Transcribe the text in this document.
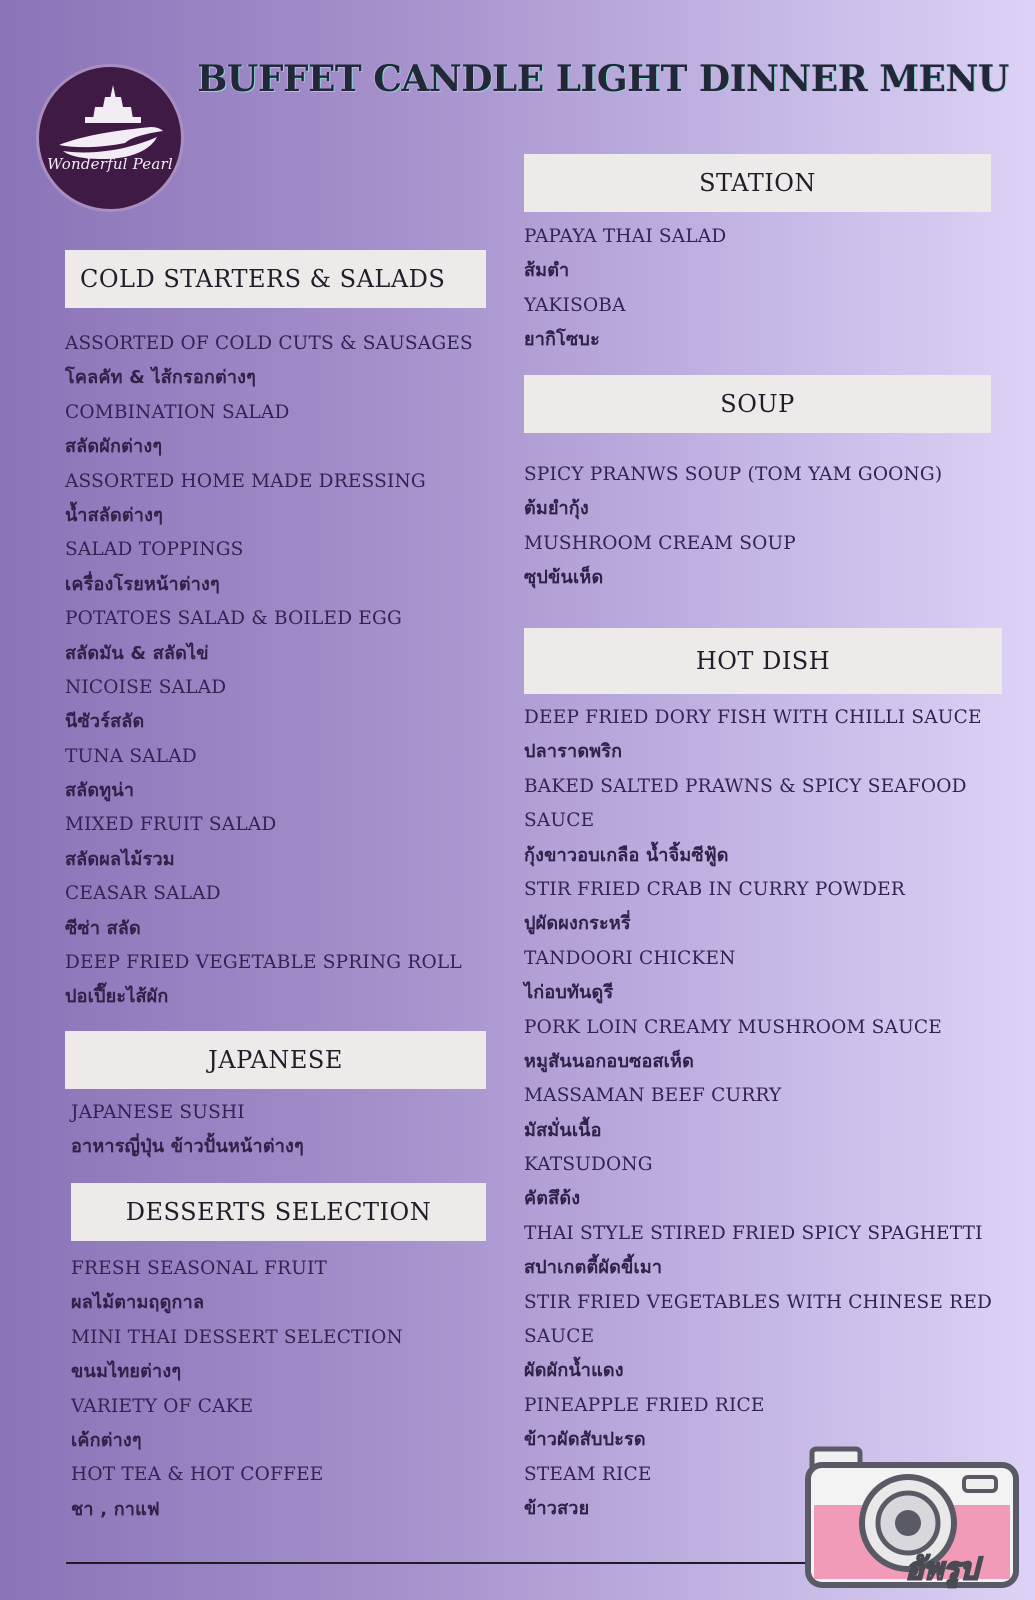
Wonderful Pearl
BUFFET CANDLE LIGHT DINNER MENU
COLD STARTERS & SALADS
ASSORTED OF COLD CUTS & SAUSAGES
โคลคัท & ไส้กรอกต่างๆ
COMBINATION SALAD
สลัดผักต่างๆ
ASSORTED HOME MADE DRESSING
น้ำสลัดต่างๆ
SALAD TOPPINGS
เครื่องโรยหน้าต่างๆ
POTATOES SALAD & BOILED EGG
สลัดมัน & สลัดไข่
NICOISE SALAD
นีซัวร์สลัด
TUNA SALAD
สลัดทูน่า
MIXED FRUIT SALAD
สลัดผลไม้รวม
CEASAR SALAD
ซีซ่า สลัด
DEEP FRIED VEGETABLE SPRING ROLL
ปอเปี๊ยะไส้ผัก
JAPANESE
JAPANESE SUSHI
อาหารญี่ปุ่น ข้าวปั้นหน้าต่างๆ
DESSERTS SELECTION
FRESH SEASONAL FRUIT
ผลไม้ตามฤดูกาล
MINI THAI DESSERT SELECTION
ขนมไทยต่างๆ
VARIETY OF CAKE
เค้กต่างๆ
HOT TEA & HOT COFFEE
ชา , กาแฟ
STATION
PAPAYA THAI SALAD
ส้มตำ
YAKISOBA
ยากิโซบะ
SOUP
SPICY PRANWS SOUP (TOM YAM GOONG)
ต้มยำกุ้ง
MUSHROOM CREAM SOUP
ซุปข้นเห็ด
HOT DISH
DEEP FRIED DORY FISH WITH CHILLI SAUCE
ปลาราดพริก
BAKED SALTED PRAWNS & SPICY SEAFOOD
SAUCE
กุ้งขาวอบเกลือ น้ำจิ้มซีฟู้ด
STIR FRIED CRAB IN CURRY POWDER
ปูผัดผงกระหรี่
TANDOORI CHICKEN
ไก่อบทันดูรี
PORK LOIN CREAMY MUSHROOM SAUCE
หมูสันนอกอบซอสเห็ด
MASSAMAN BEEF CURRY
มัสมั่นเนื้อ
KATSUDONG
คัตสึด้ง
THAI STYLE STIRED FRIED SPICY SPAGHETTI
สปาเกตตี้ผัดขี้เมา
STIR FRIED VEGETABLES WITH CHINESE RED
SAUCE
ผัดผักน้ำแดง
PINEAPPLE FRIED RICE
ข้าวผัดสับปะรด
STEAM RICE
ข้าวสวย
อัพรูป
